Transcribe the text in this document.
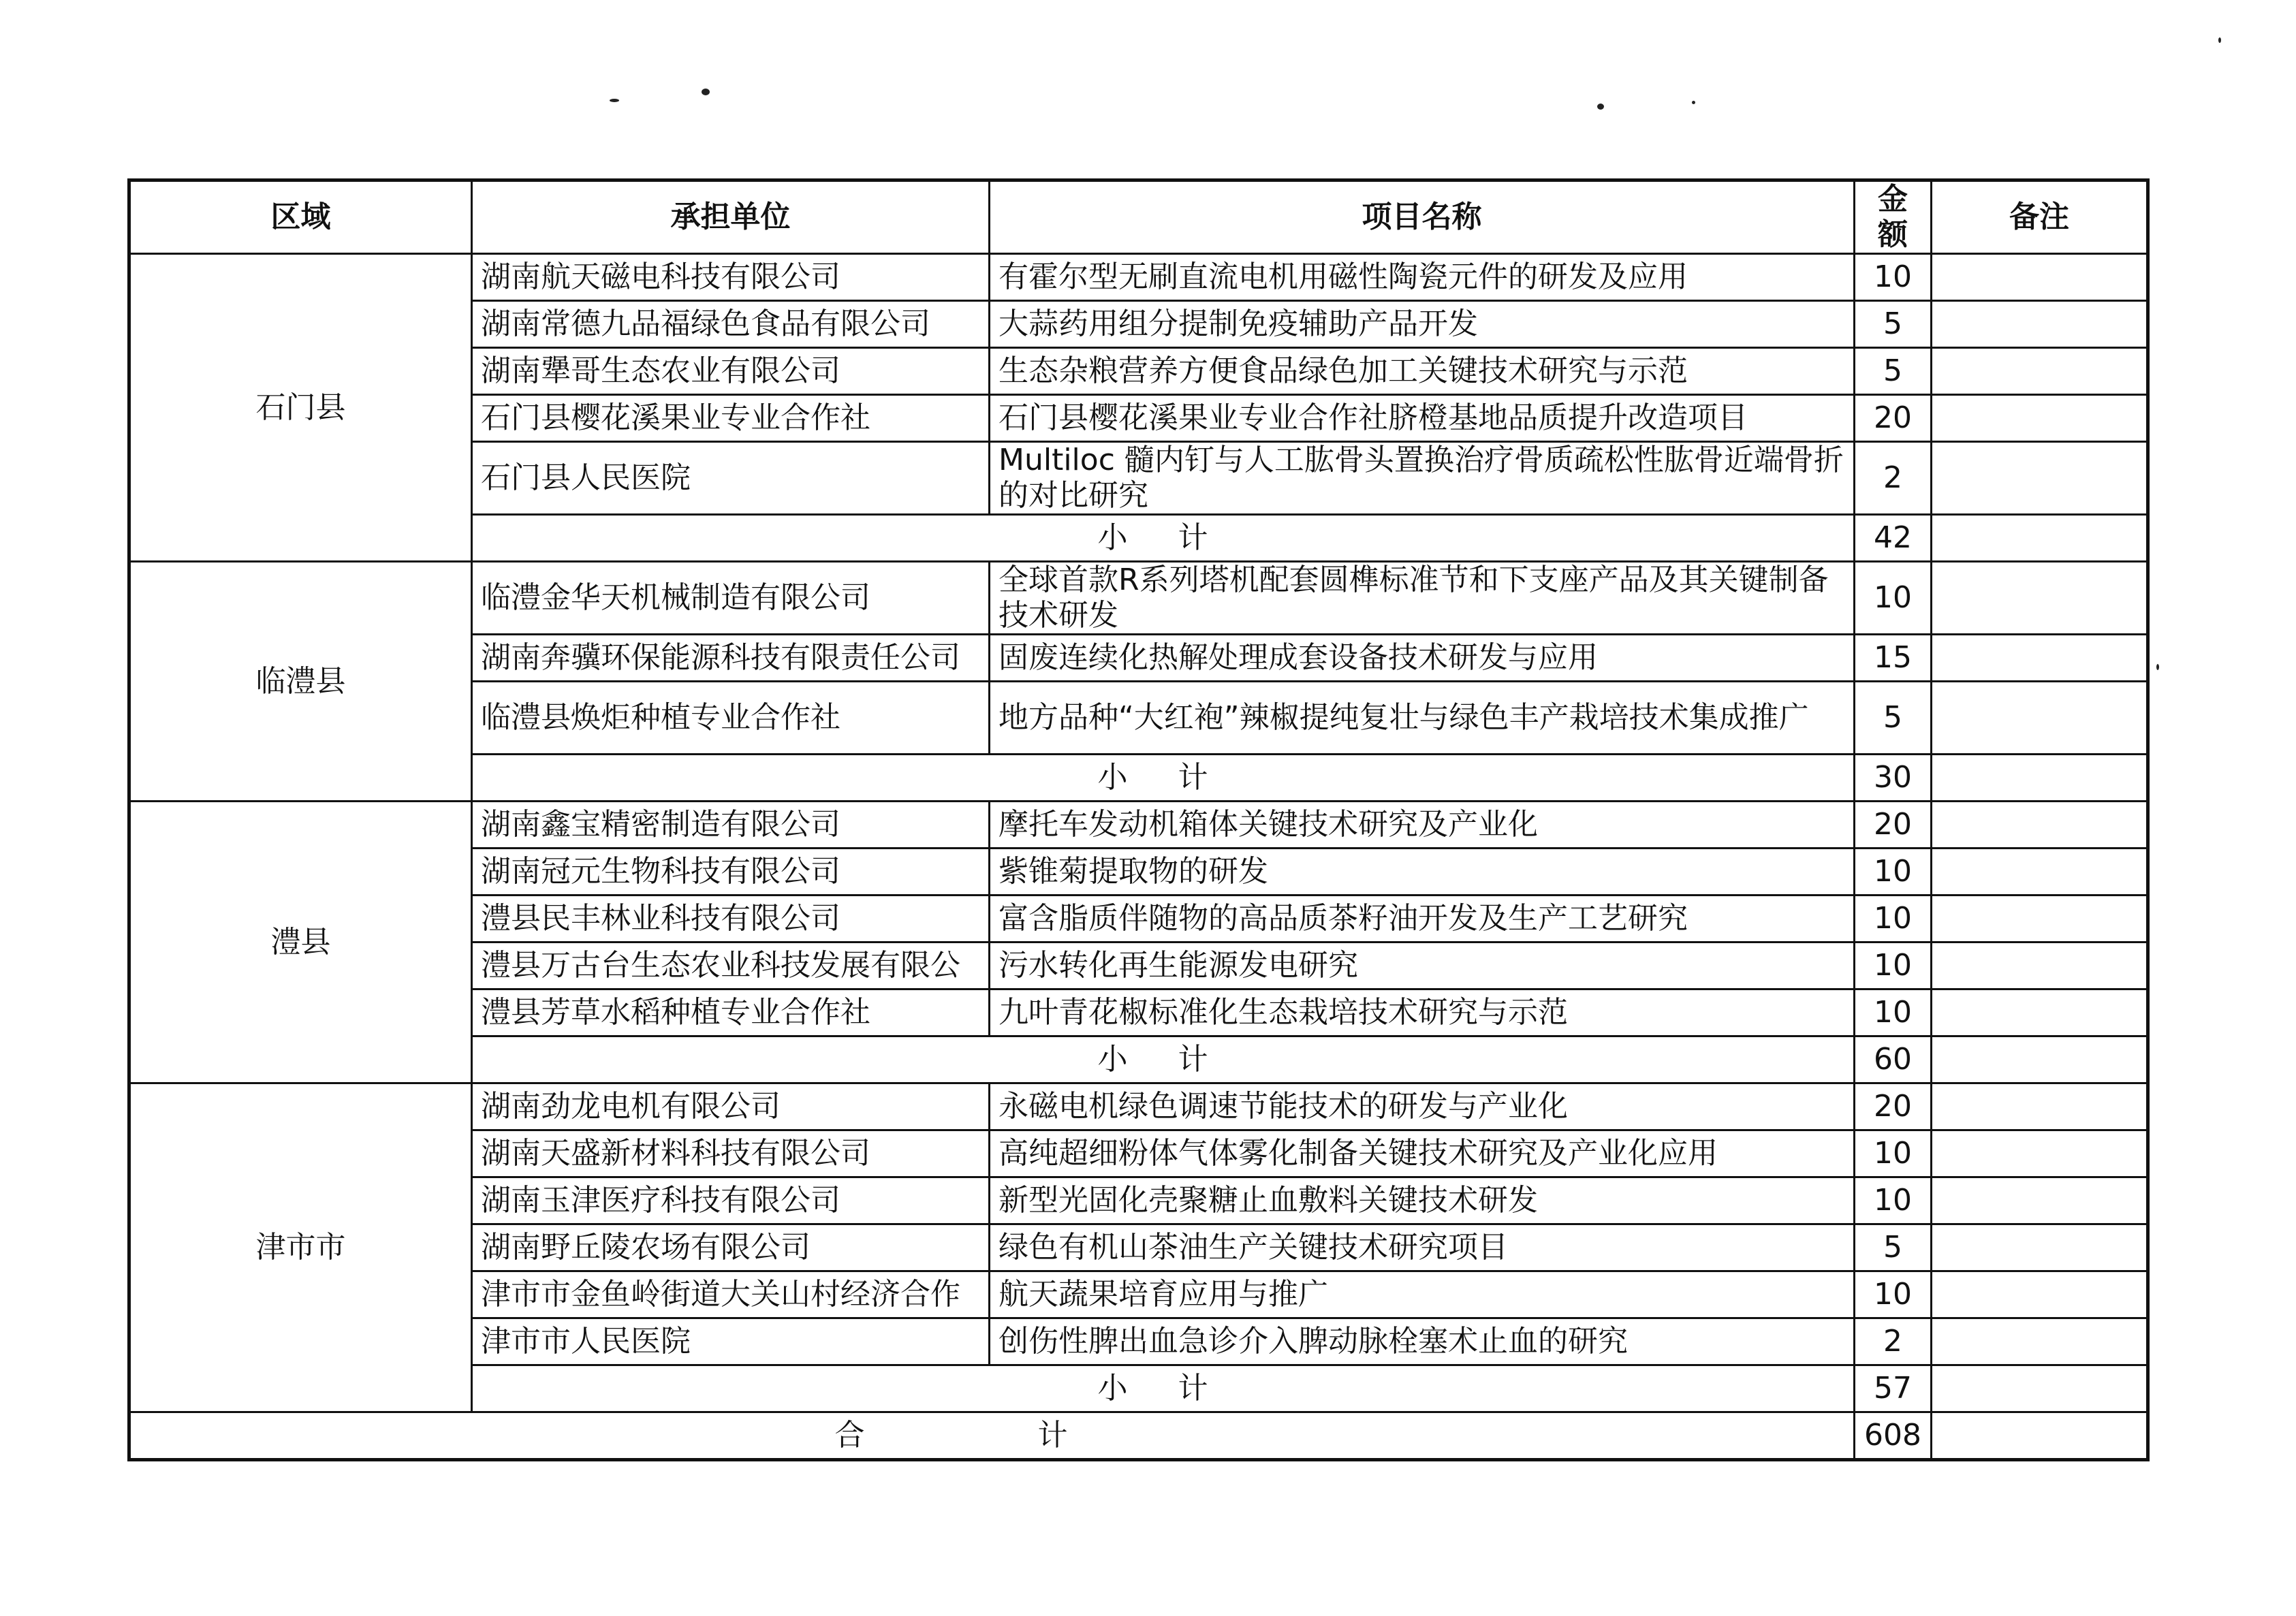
区域	承担单位	项目名称	金额	备注
石门县	湖南航天磁电科技有限公司	有霍尔型无刷直流电机用磁性陶瓷元件的研发及应用	10	
	湖南常德九品福绿色食品有限公司	大蒜药用组分提制免疫辅助产品开发	5	
	湖南犟哥生态农业有限公司	生态杂粮营养方便食品绿色加工关键技术研究与示范	5	
	石门县樱花溪果业专业合作社	石门县樱花溪果业专业合作社脐橙基地品质提升改造项目	20	
	石门县人民医院	Multiloc 髓内钉与人工肱骨头置换治疗骨质疏松性肱骨近端骨折的对比研究	2	
	小 计		42	
临澧县	临澧金华天机械制造有限公司	全球首款R系列塔机配套圆榫标准节和下支座产品及其关键制备技术研发	10	
	湖南奔骥环保能源科技有限责任公司	固废连续化热解处理成套设备技术研发与应用	15	
	临澧县焕炬种植专业合作社	地方品种“大红袍”辣椒提纯复壮与绿色丰产栽培技术集成推广	5	
	小 计		30	
澧县	湖南鑫宝精密制造有限公司	摩托车发动机箱体关键技术研究及产业化	20	
	湖南冠元生物科技有限公司	紫锥菊提取物的研发	10	
	澧县民丰林业科技有限公司	富含脂质伴随物的高品质茶籽油开发及生产工艺研究	10	
	澧县万古台生态农业科技发展有限公	污水转化再生能源发电研究	10	
	澧县芳草水稻种植专业合作社	九叶青花椒标准化生态栽培技术研究与示范	10	
	小 计		60	
津市市	湖南劲龙电机有限公司	永磁电机绿色调速节能技术的研发与产业化	20	
	湖南天盛新材料科技有限公司	高纯超细粉体气体雾化制备关键技术研究及产业化应用	10	
	湖南玉津医疗科技有限公司	新型光固化壳聚糖止血敷料关键技术研发	10	
	湖南野丘陵农场有限公司	绿色有机山茶油生产关键技术研究项目	5	
	津市市金鱼岭街道大关山村经济合作	航天蔬果培育应用与推广	10	
	津市市人民医院	创伤性脾出血急诊介入脾动脉栓塞术止血的研究	2	
	小 计		57	
合 计			608	
